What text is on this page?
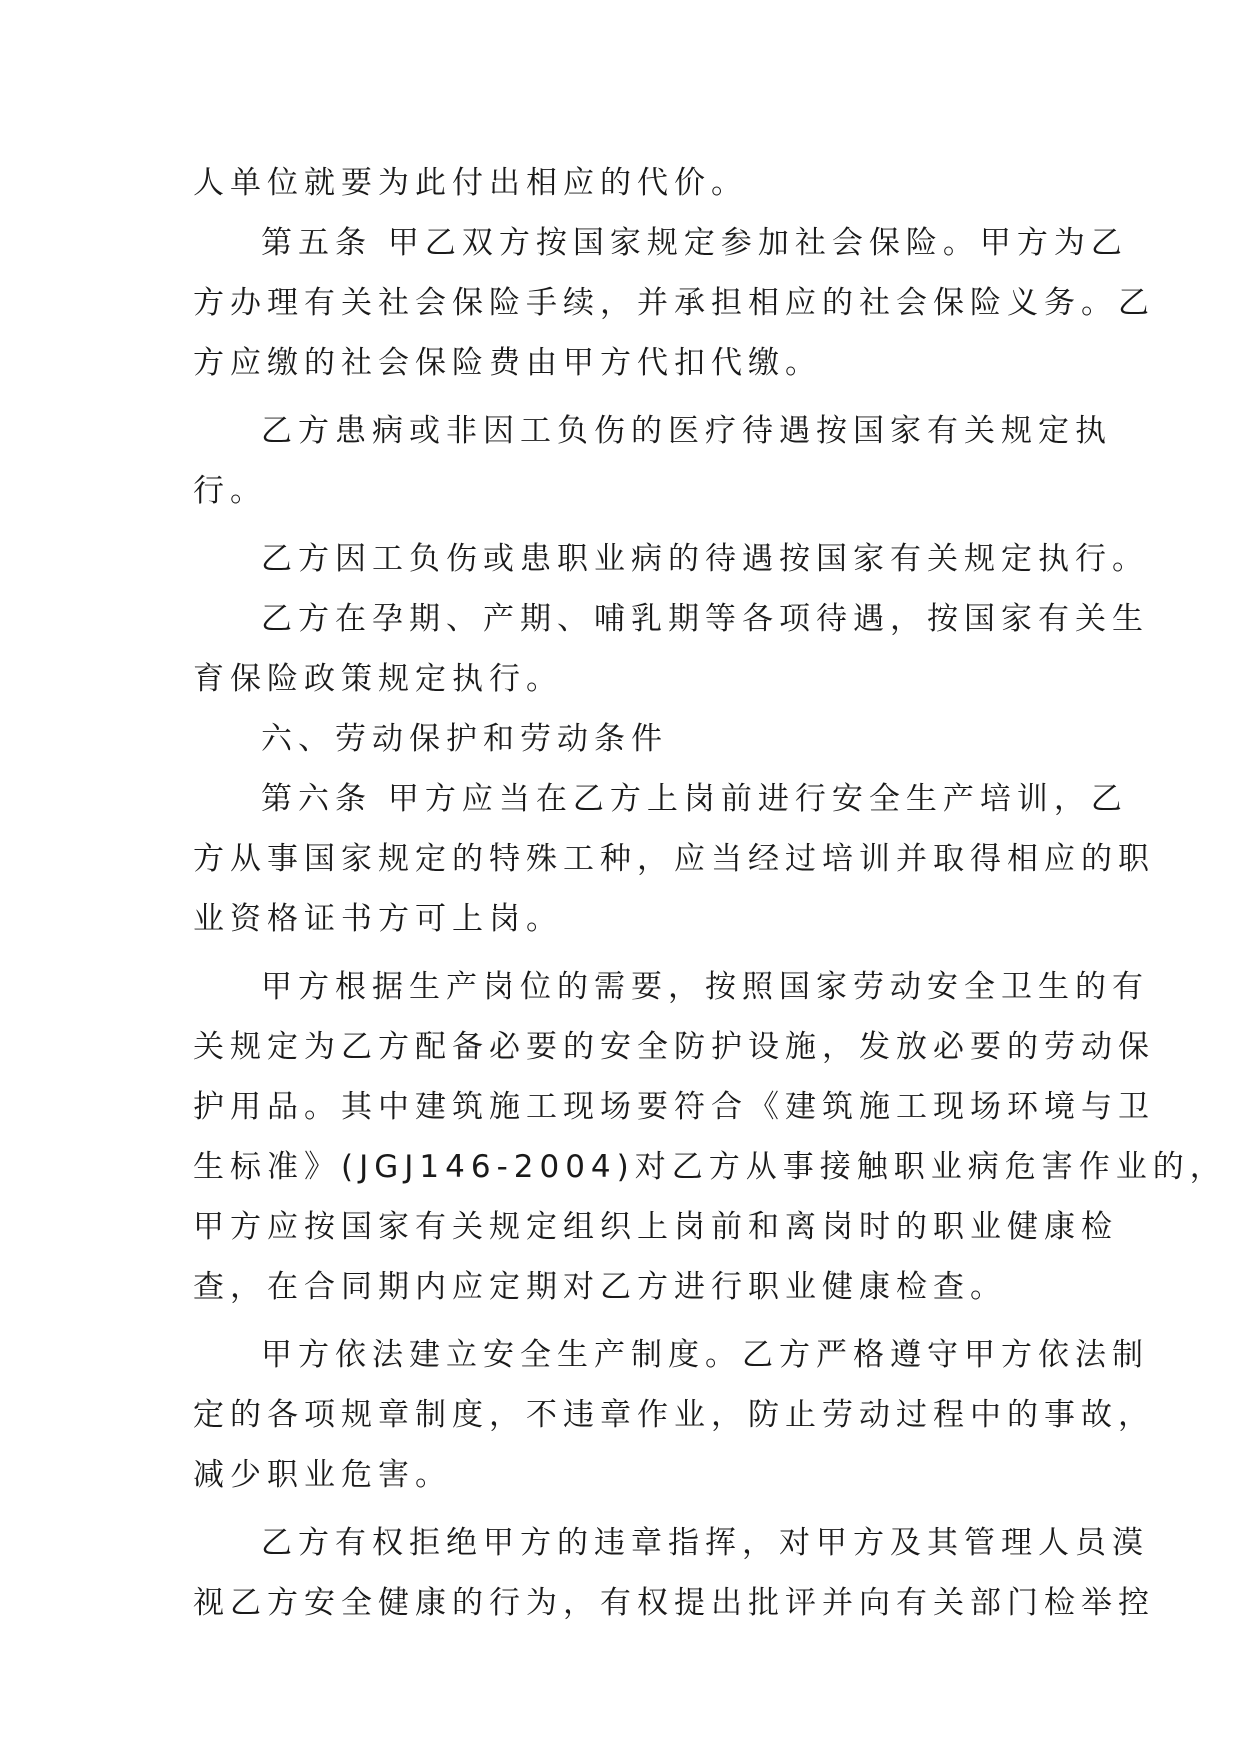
人单位就要为此付出相应的代价。
第五条 甲乙双方按国家规定参加社会保险。甲方为乙
方办理有关社会保险手续，并承担相应的社会保险义务。乙
方应缴的社会保险费由甲方代扣代缴。
乙方患病或非因工负伤的医疗待遇按国家有关规定执
行。
乙方因工负伤或患职业病的待遇按国家有关规定执行。
乙方在孕期、产期、哺乳期等各项待遇，按国家有关生
育保险政策规定执行。
六、劳动保护和劳动条件
第六条 甲方应当在乙方上岗前进行安全生产培训，乙
方从事国家规定的特殊工种，应当经过培训并取得相应的职
业资格证书方可上岗。
甲方根据生产岗位的需要，按照国家劳动安全卫生的有
关规定为乙方配备必要的安全防护设施，发放必要的劳动保
护用品。其中建筑施工现场要符合《建筑施工现场环境与卫
生标准》(JGJ146-2004)对乙方从事接触职业病危害作业的，
甲方应按国家有关规定组织上岗前和离岗时的职业健康检
查，在合同期内应定期对乙方进行职业健康检查。
甲方依法建立安全生产制度。乙方严格遵守甲方依法制
定的各项规章制度，不违章作业，防止劳动过程中的事故，
减少职业危害。
乙方有权拒绝甲方的违章指挥，对甲方及其管理人员漠
视乙方安全健康的行为，有权提出批评并向有关部门检举控
